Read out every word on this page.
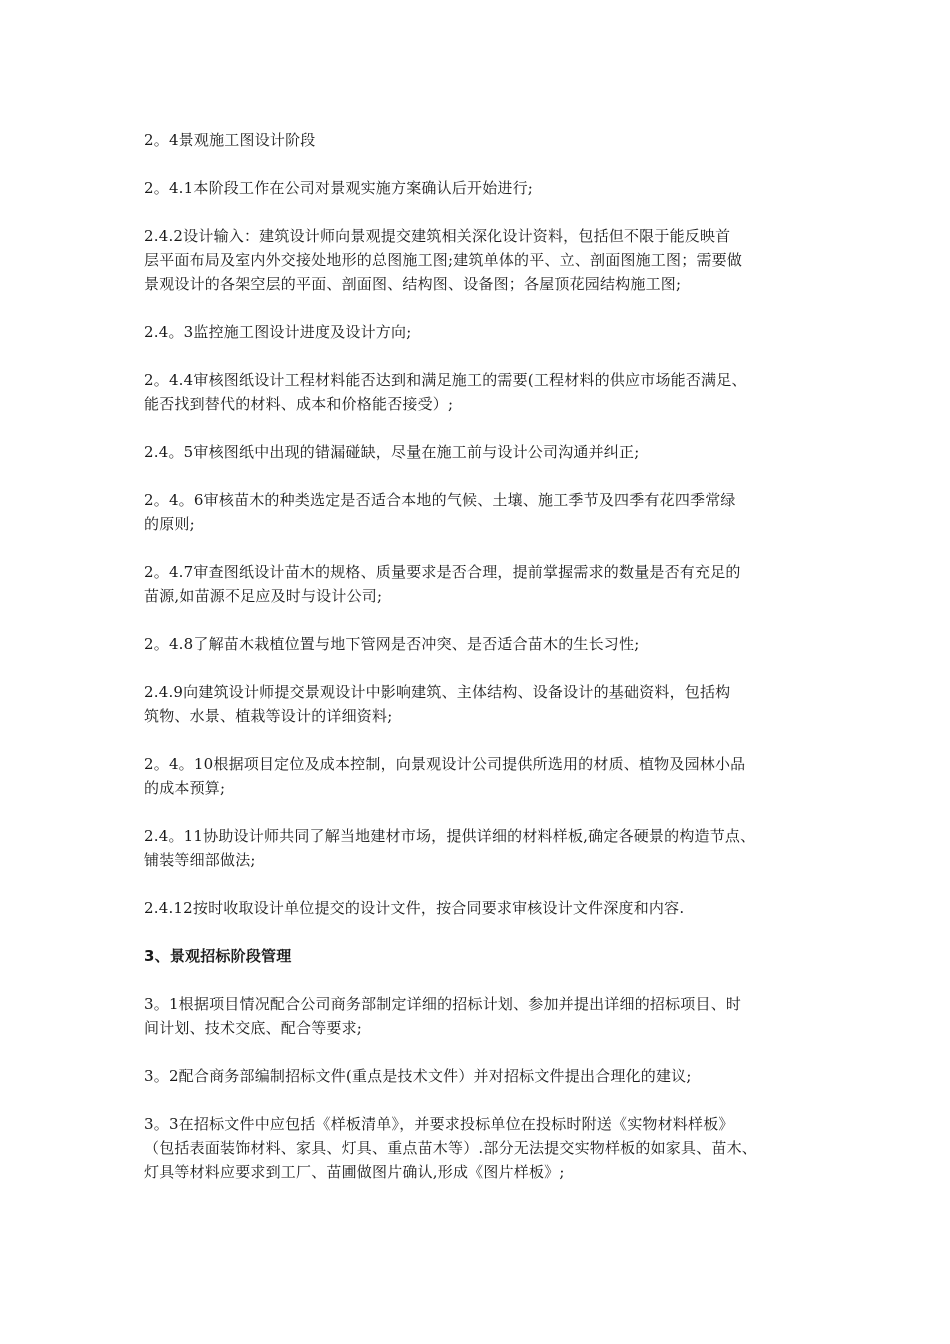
2。4景观施工图设计阶段

2。4.1本阶段工作在公司对景观实施方案确认后开始进行;

2.4.2设计输入：建筑设计师向景观提交建筑相关深化设计资料，包括但不限于能反映首
层平面布局及室内外交接处地形的总图施工图;建筑单体的平、立、剖面图施工图；需要做
景观设计的各架空层的平面、剖面图、结构图、设备图；各屋顶花园结构施工图;

2.4。3监控施工图设计进度及设计方向;

2。4.4审核图纸设计工程材料能否达到和满足施工的需要(工程材料的供应市场能否满足、
能否找到替代的材料、成本和价格能否接受）;

2.4。5审核图纸中出现的错漏碰缺，尽量在施工前与设计公司沟通并纠正;

2。4。6审核苗木的种类选定是否适合本地的气候、土壤、施工季节及四季有花四季常绿
的原则;

2。4.7审查图纸设计苗木的规格、质量要求是否合理，提前掌握需求的数量是否有充足的
苗源,如苗源不足应及时与设计公司;

2。4.8了解苗木栽植位置与地下管网是否冲突、是否适合苗木的生长习性;

2.4.9向建筑设计师提交景观设计中影响建筑、主体结构、设备设计的基础资料，包括构
筑物、水景、植栽等设计的详细资料;

2。4。10根据项目定位及成本控制，向景观设计公司提供所选用的材质、植物及园林小品
的成本预算;

2.4。11协助设计师共同了解当地建材市场，提供详细的材料样板,确定各硬景的构造节点、
铺装等细部做法;

2.4.12按时收取设计单位提交的设计文件，按合同要求审核设计文件深度和内容.

3、景观招标阶段管理

3。1根据项目情况配合公司商务部制定详细的招标计划、参加并提出详细的招标项目、时
间计划、技术交底、配合等要求;

3。2配合商务部编制招标文件(重点是技术文件）并对招标文件提出合理化的建议;

3。3在招标文件中应包括《样板清单》，并要求投标单位在投标时附送《实物材料样板》
（包括表面装饰材料、家具、灯具、重点苗木等）.部分无法提交实物样板的如家具、苗木、
灯具等材料应要求到工厂、苗圃做图片确认,形成《图片样板》;
